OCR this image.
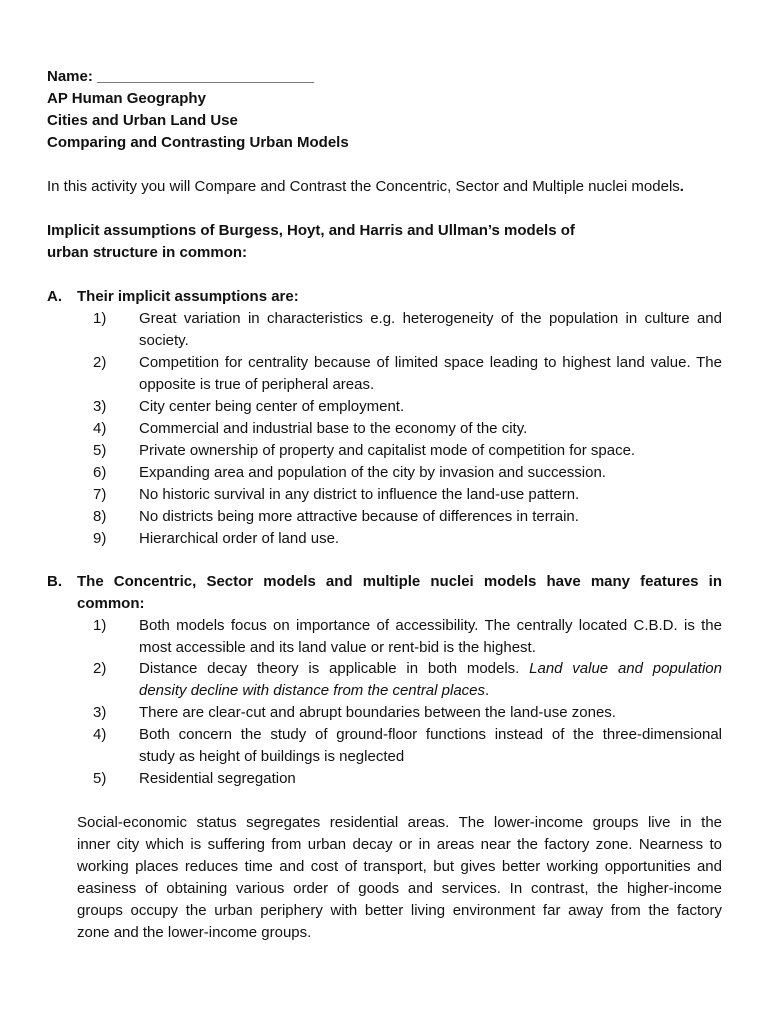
Name: __________________________
AP Human Geography
Cities and Urban Land Use
Comparing and Contrasting Urban Models
In this activity you will Compare and Contrast the Concentric, Sector and Multiple nuclei models.
Implicit assumptions of Burgess, Hoyt, and Harris and Ullman’s models of
urban structure in common:
A. Their implicit assumptions are:
1) Great variation in characteristics e.g. heterogeneity of the population in culture and
society.
2) Competition for centrality because of limited space leading to highest land value. The
opposite is true of peripheral areas.
3) City center being center of employment.
4) Commercial and industrial base to the economy of the city.
5) Private ownership of property and capitalist mode of competition for space.
6) Expanding area and population of the city by invasion and succession.
7) No historic survival in any district to influence the land-use pattern.
8) No districts being more attractive because of differences in terrain.
9) Hierarchical order of land use.
B. The Concentric, Sector models and multiple nuclei models have many features in
common:
1) Both models focus on importance of accessibility. The centrally located C.B.D. is the
most accessible and its land value or rent-bid is the highest.
2) Distance decay theory is applicable in both models. Land value and population
density decline with distance from the central places.
3) There are clear-cut and abrupt boundaries between the land-use zones.
4) Both concern the study of ground-floor functions instead of the three-dimensional
study as height of buildings is neglected
5) Residential segregation
Social-economic status segregates residential areas. The lower-income groups live in the
inner city which is suffering from urban decay or in areas near the factory zone. Nearness to
working places reduces time and cost of transport, but gives better working opportunities and
easiness of obtaining various order of goods and services. In contrast, the higher-income
groups occupy the urban periphery with better living environment far away from the factory
zone and the lower-income groups.
